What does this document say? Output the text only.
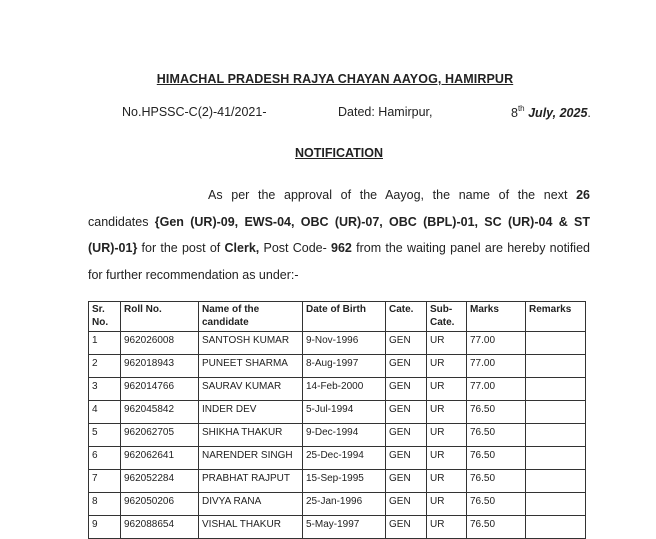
HIMACHAL PRADESH RAJYA CHAYAN AAYOG, HAMIRPUR
No.HPSSC-C(2)-41/2021-	Dated: Hamirpur,	8th July, 2025.
NOTIFICATION
As per the approval of the Aayog, the name of the next 26 candidates {Gen (UR)-09, EWS-04, OBC (UR)-07, OBC (BPL)-01, SC (UR)-04 & ST (UR)-01} for the post of Clerk, Post Code- 962 from the waiting panel are hereby notified for further recommendation as under:-
Sr. No.	Roll No.	Name of the candidate	Date of Birth	Cate.	Sub-Cate.	Marks	Remarks
1	962026008	SANTOSH KUMAR	9-Nov-1996	GEN	UR	77.00	
2	962018943	PUNEET SHARMA	8-Aug-1997	GEN	UR	77.00	
3	962014766	SAURAV KUMAR	14-Feb-2000	GEN	UR	77.00	
4	962045842	INDER DEV	5-Jul-1994	GEN	UR	76.50	
5	962062705	SHIKHA THAKUR	9-Dec-1994	GEN	UR	76.50	
6	962062641	NARENDER SINGH	25-Dec-1994	GEN	UR	76.50	
7	962052284	PRABHAT RAJPUT	15-Sep-1995	GEN	UR	76.50	
8	962050206	DIVYA RANA	25-Jan-1996	GEN	UR	76.50	
9	962088654	VISHAL THAKUR	5-May-1997	GEN	UR	76.50	
